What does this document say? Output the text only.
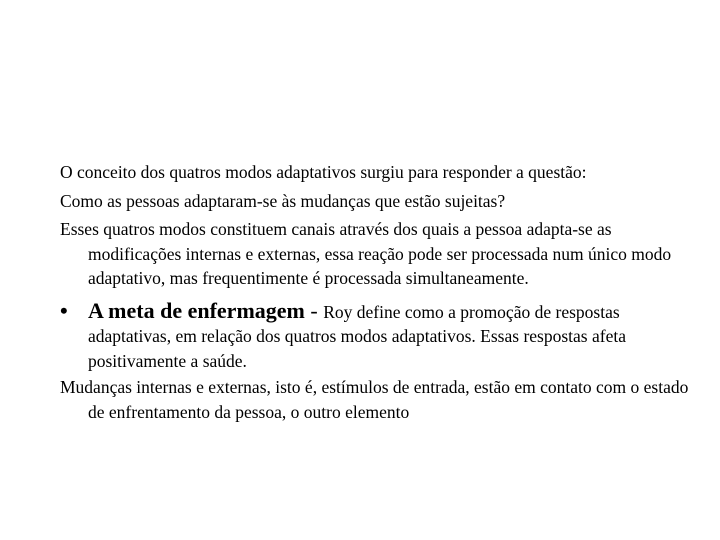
O conceito dos quatros modos adaptativos surgiu para responder a questão:

Como as pessoas adaptaram-se às mudanças que estão sujeitas?

Esses quatros modos constituem canais através dos quais a pessoa adapta-se as modificações internas e externas, essa reação pode ser processada num único modo adaptativo, mas frequentimente é processada simultaneamente.

• A meta de enfermagem - Roy define como a promoção de respostas adaptativas, em relação dos quatros modos adaptativos. Essas respostas afeta positivamente a saúde.

Mudanças internas e externas, isto é, estímulos de entrada, estão em contato com o estado de enfrentamento da pessoa, o outro elemento
